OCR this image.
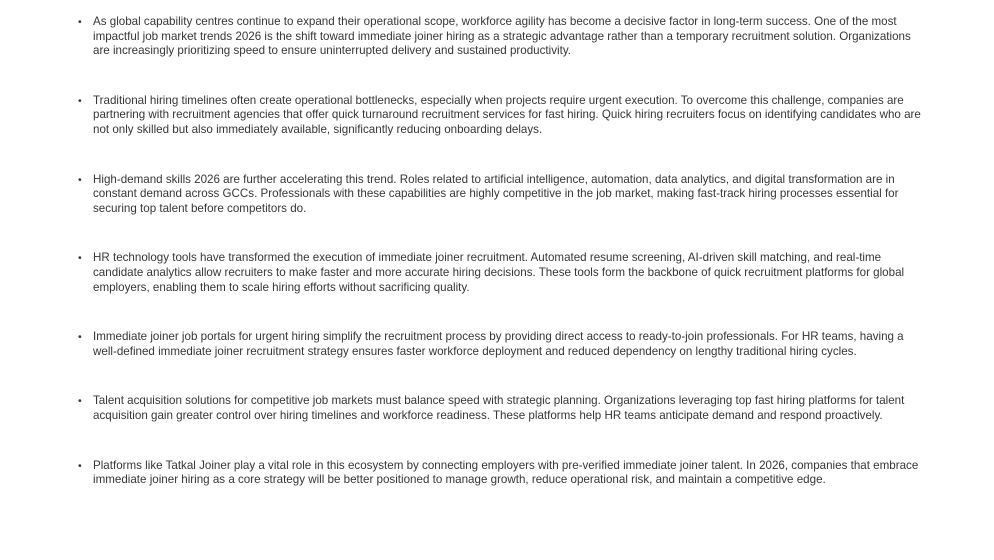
• As global capability centres continue to expand their operational scope, workforce agility has become a decisive factor in long-term success. One of the most impactful job market trends 2026 is the shift toward immediate joiner hiring as a strategic advantage rather than a temporary recruitment solution. Organizations are increasingly prioritizing speed to ensure uninterrupted delivery and sustained productivity.
• Traditional hiring timelines often create operational bottlenecks, especially when projects require urgent execution. To overcome this challenge, companies are partnering with recruitment agencies that offer quick turnaround recruitment services for fast hiring. Quick hiring recruiters focus on identifying candidates who are not only skilled but also immediately available, significantly reducing onboarding delays.
• High-demand skills 2026 are further accelerating this trend. Roles related to artificial intelligence, automation, data analytics, and digital transformation are in constant demand across GCCs. Professionals with these capabilities are highly competitive in the job market, making fast-track hiring processes essential for securing top talent before competitors do.
• HR technology tools have transformed the execution of immediate joiner recruitment. Automated resume screening, AI-driven skill matching, and real-time candidate analytics allow recruiters to make faster and more accurate hiring decisions. These tools form the backbone of quick recruitment platforms for global employers, enabling them to scale hiring efforts without sacrificing quality.
• Immediate joiner job portals for urgent hiring simplify the recruitment process by providing direct access to ready-to-join professionals. For HR teams, having a well-defined immediate joiner recruitment strategy ensures faster workforce deployment and reduced dependency on lengthy traditional hiring cycles.
• Talent acquisition solutions for competitive job markets must balance speed with strategic planning. Organizations leveraging top fast hiring platforms for talent acquisition gain greater control over hiring timelines and workforce readiness. These platforms help HR teams anticipate demand and respond proactively.
• Platforms like Tatkal Joiner play a vital role in this ecosystem by connecting employers with pre-verified immediate joiner talent. In 2026, companies that embrace immediate joiner hiring as a core strategy will be better positioned to manage growth, reduce operational risk, and maintain a competitive edge.
